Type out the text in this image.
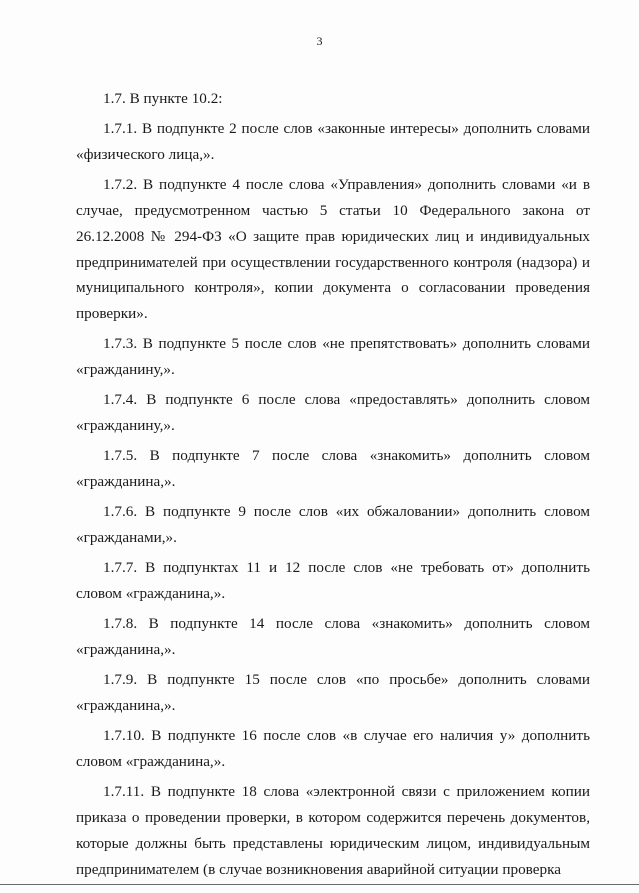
3

1.7. В пункте 10.2:

1.7.1. В подпункте 2 после слов «законные интересы» дополнить словами «физического лица,».

1.7.2. В подпункте 4 после слова «Управления» дополнить словами «и в случае, предусмотренном частью 5 статьи 10 Федерального закона от 26.12.2008 № 294-ФЗ «О защите прав юридических лиц и индивидуальных предпринимателей при осуществлении государственного контроля (надзора) и муниципального контроля», копии документа о согласовании проведения проверки».

1.7.3. В подпункте 5 после слов «не препятствовать» дополнить словами «гражданину,».

1.7.4. В подпункте 6 после слова «предоставлять» дополнить словом «гражданину,».

1.7.5. В подпункте 7 после слова «знакомить» дополнить словом «гражданина,».

1.7.6. В подпункте 9 после слов «их обжаловании» дополнить словом «гражданами,».

1.7.7. В подпунктах 11 и 12 после слов «не требовать от» дополнить словом «гражданина,».

1.7.8. В подпункте 14 после слова «знакомить» дополнить словом «гражданина,».

1.7.9. В подпункте 15 после слов «по просьбе» дополнить словами «гражданина,».

1.7.10. В подпункте 16 после слов «в случае его наличия у» дополнить словом «гражданина,».

1.7.11. В подпункте 18 слова «электронной связи с приложением копии приказа о проведении проверки, в котором содержится перечень документов, которые должны быть представлены юридическим лицом, индивидуальным предпринимателем (в случае возникновения аварийной ситуации проверка
